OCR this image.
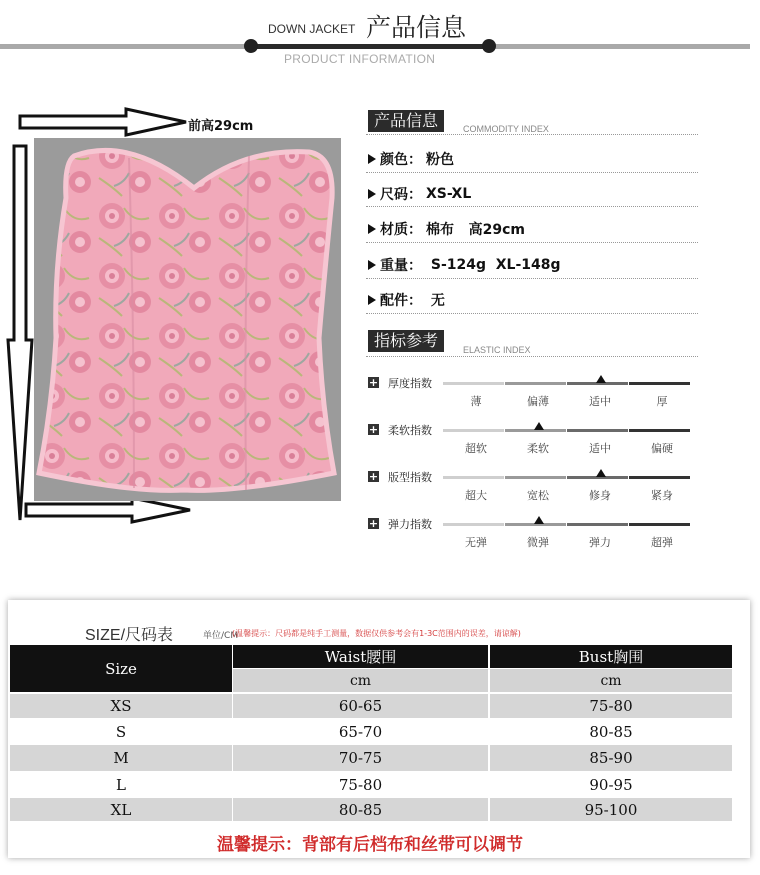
DOWN JACKET 产品信息
PRODUCT INFORMATION
前高29cm	产品信息	COMMODITY INDEX
颜色： 粉色
尺码： XS-XL
材质： 棉布   高29cm
重量： S-124g  XL-148g
配件： 无
指标参考	ELASTIC INDEX
+ 厚度指数
薄	偏薄	适中	厚
+ 柔软指数
超软	柔软	适中	偏硬
+ 版型指数
超大	宽松	修身	紧身
+ 弹力指数
无弹	微弹	弹力	超弹
SIZE/尺码表	单位/CM
(温馨提示：尺码都是纯手工测量，数据仅供参考会有1-3C范围内的误差，请谅解)
Size
Waist腰围	Bust胸围
cm	cm
XS	60-65	75-80
S	65-70	80-85
M	70-75	85-90
L	75-80	90-95
XL	80-85	95-100
温馨提示：背部有后档布和丝带可以调节
